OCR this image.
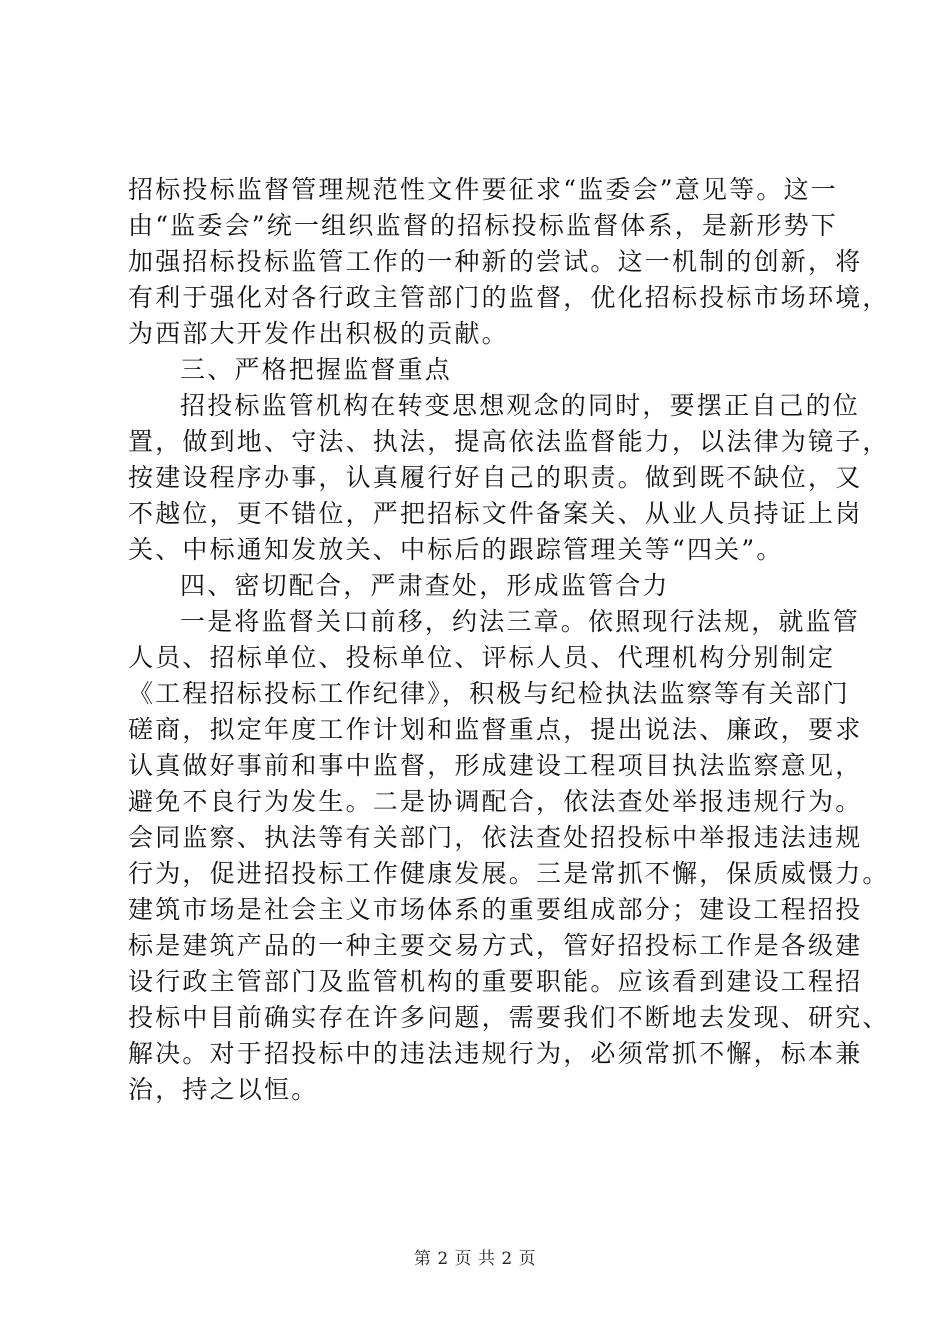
招标投标监督管理规范性文件要征求“监委会”意见等。这一
由“监委会”统一组织监督的招标投标监督体系，是新形势下
加强招标投标监管工作的一种新的尝试。这一机制的创新，将
有利于强化对各行政主管部门的监督，优化招标投标市场环境，
为西部大开发作出积极的贡献。
三、严格把握监督重点
招投标监管机构在转变思想观念的同时，要摆正自己的位
置，做到地、守法、执法，提高依法监督能力，以法律为镜子，
按建设程序办事，认真履行好自己的职责。做到既不缺位，又
不越位，更不错位，严把招标文件备案关、从业人员持证上岗
关、中标通知发放关、中标后的跟踪管理关等“四关”。
四、密切配合，严肃查处，形成监管合力
一是将监督关口前移，约法三章。依照现行法规，就监管
人员、招标单位、投标单位、评标人员、代理机构分别制定
《工程招标投标工作纪律》，积极与纪检执法监察等有关部门
磋商，拟定年度工作计划和监督重点，提出说法、廉政，要求
认真做好事前和事中监督，形成建设工程项目执法监察意见，
避免不良行为发生。二是协调配合，依法查处举报违规行为。
会同监察、执法等有关部门，依法查处招投标中举报违法违规
行为，促进招投标工作健康发展。三是常抓不懈，保质威慑力。
建筑市场是社会主义市场体系的重要组成部分；建设工程招投
标是建筑产品的一种主要交易方式，管好招投标工作是各级建
设行政主管部门及监管机构的重要职能。应该看到建设工程招
投标中目前确实存在许多问题，需要我们不断地去发现、研究、
解决。对于招投标中的违法违规行为，必须常抓不懈，标本兼
治，持之以恒。
第 2 页 共 2 页
